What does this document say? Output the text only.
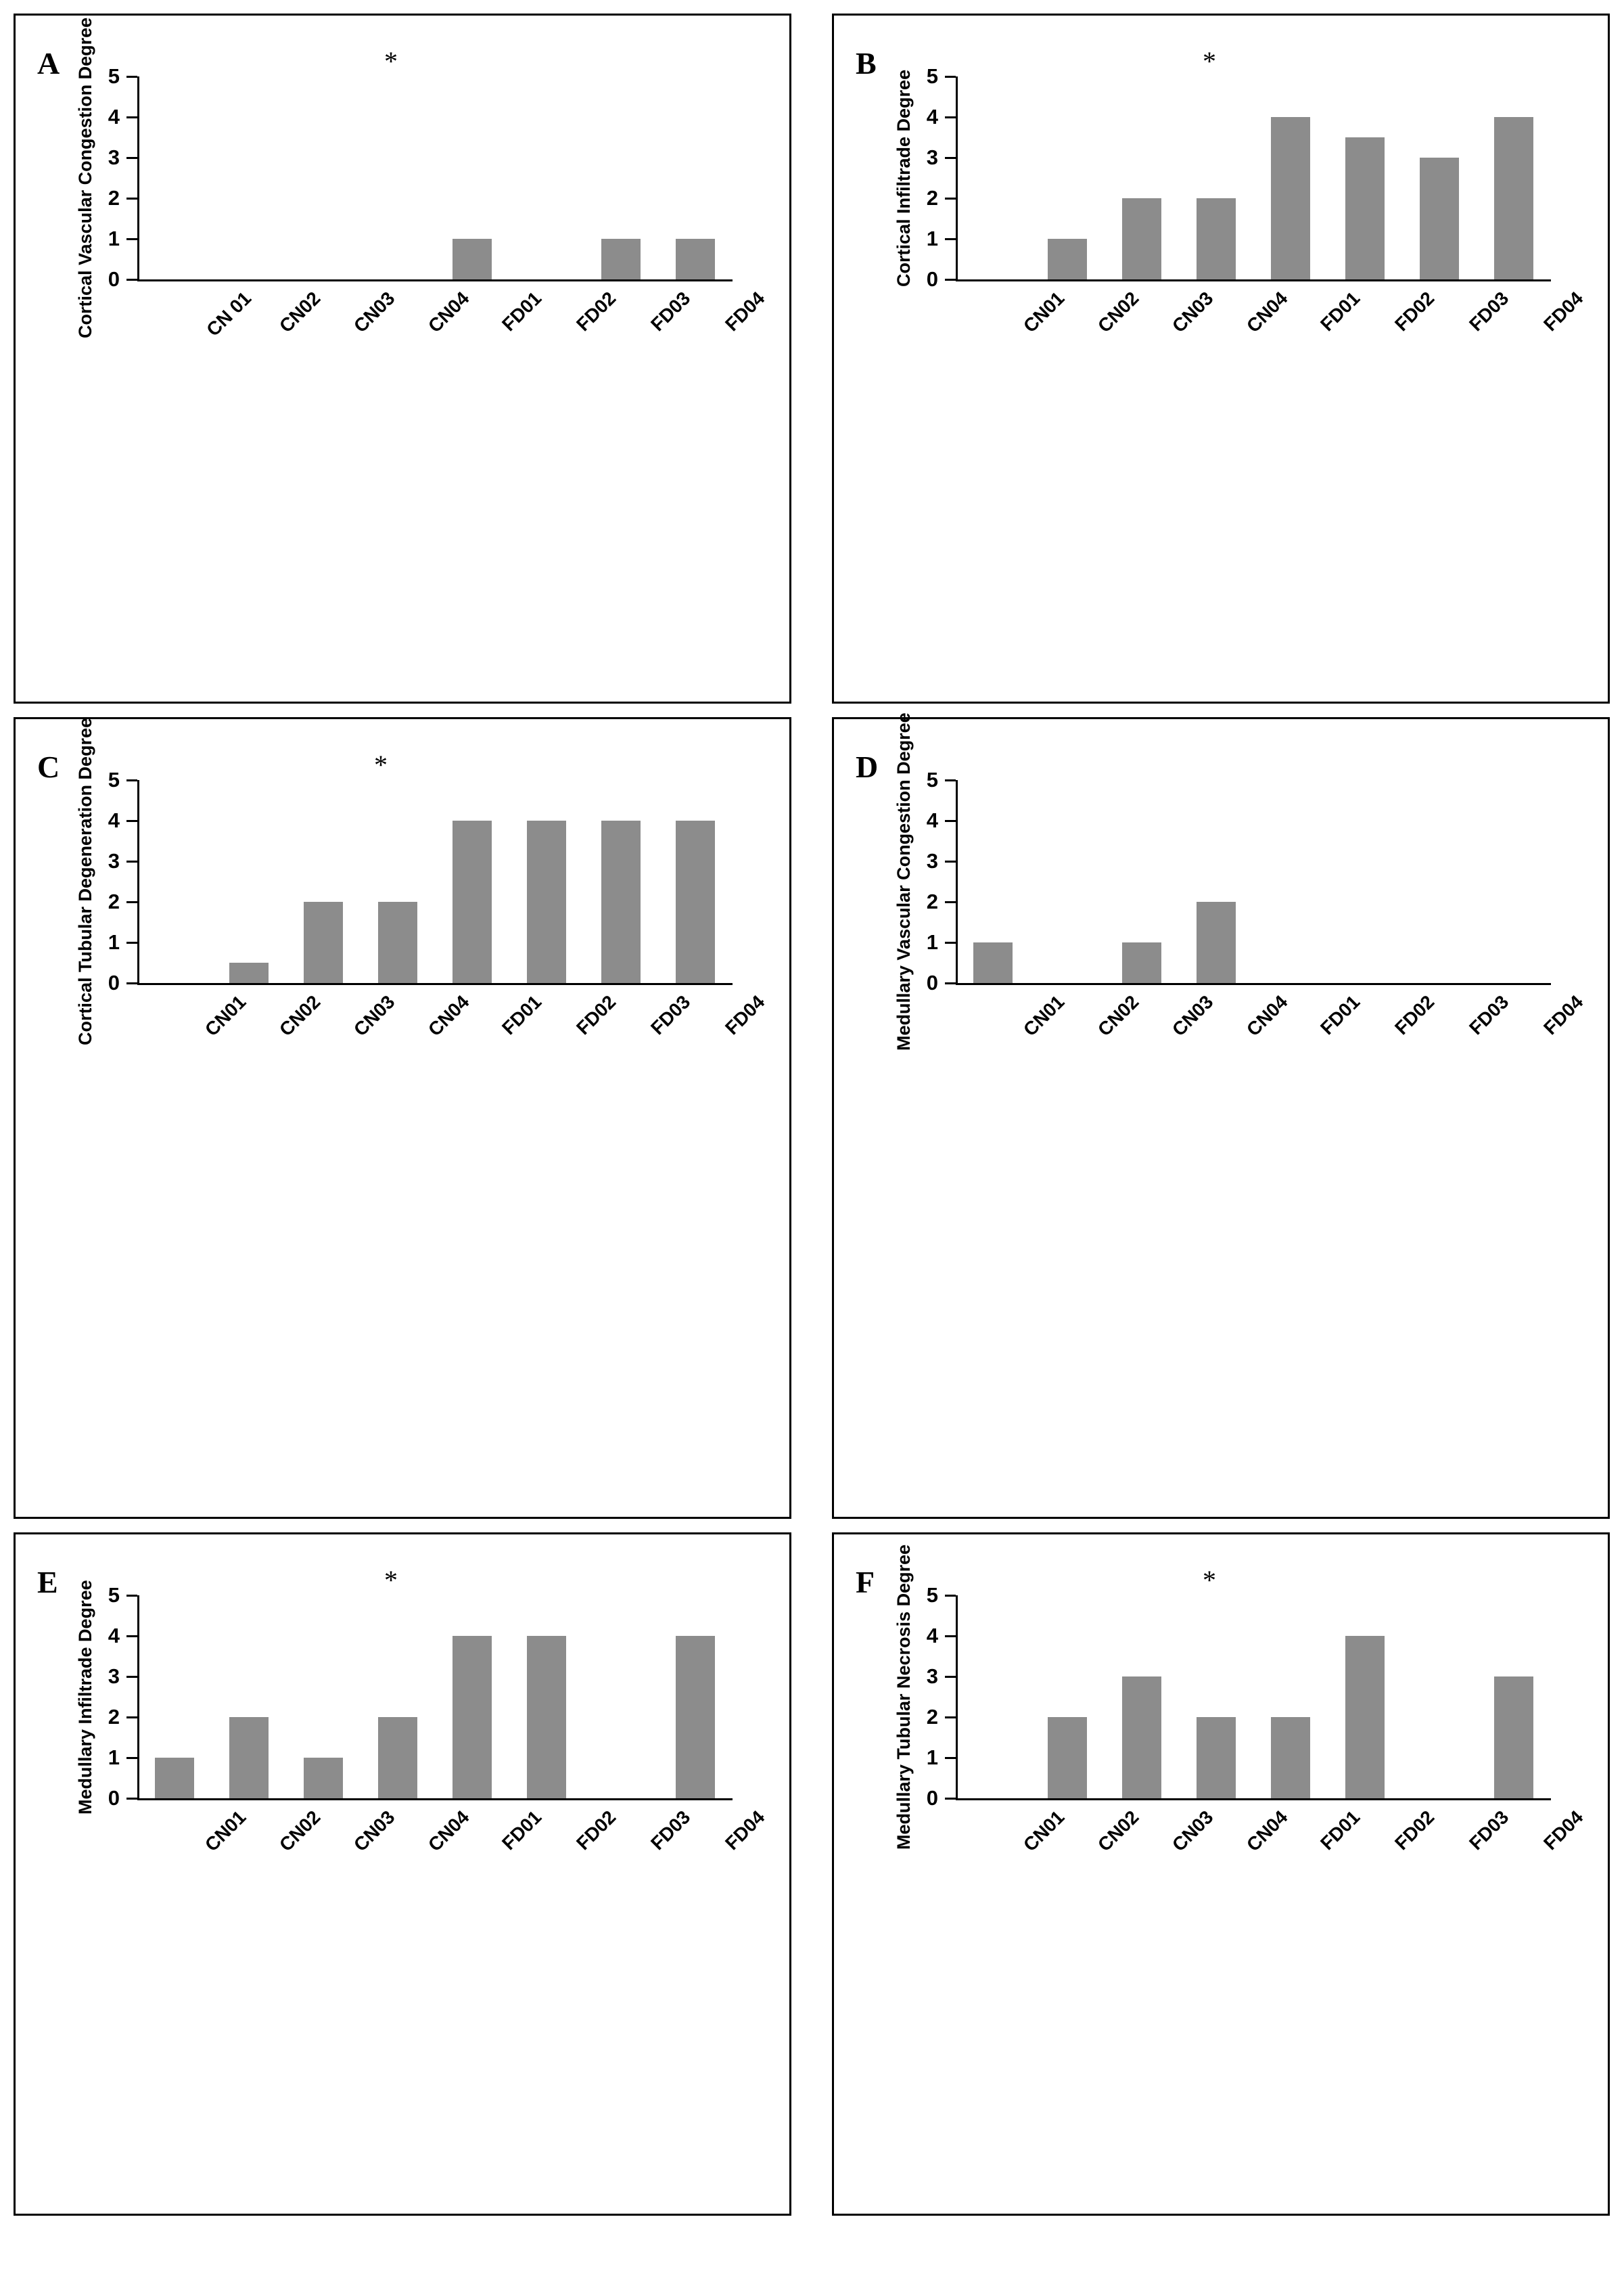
A	*
0
1
2
3
4
5
Cortical Vascular Congestion Degree	CN 01 CN02 CN03 CN04 FD01 FD02 FD03 FD04
B	*
0
1
2
3
4
5
Cortical Infiltrade Degree
CN01 CN02 CN03 CN04 FD01 FD02 FD03 FD04
C	*
0
1
2
3
4
5
Cortical Tubular Degeneration Degree	CN01 CN02 CN03 CN04 FD01 FD02 FD03 FD04
D
0
1
2
3
4
5
Medullary Vascular Congestion Degree	CN01 CN02 CN03 CN04 FD01 FD02 FD03 FD04
E	*
0
1
2
3
4
5
Medullary Infiltrade Degree
CN01 CN02 CN03 CN04 FD01 FD02 FD03 FD04
F	*
0
1
2
3
4
5
Medullary Tubular Necrosis Degree	CN01 CN02 CN03 CN04 FD01 FD02 FD03 FD04
